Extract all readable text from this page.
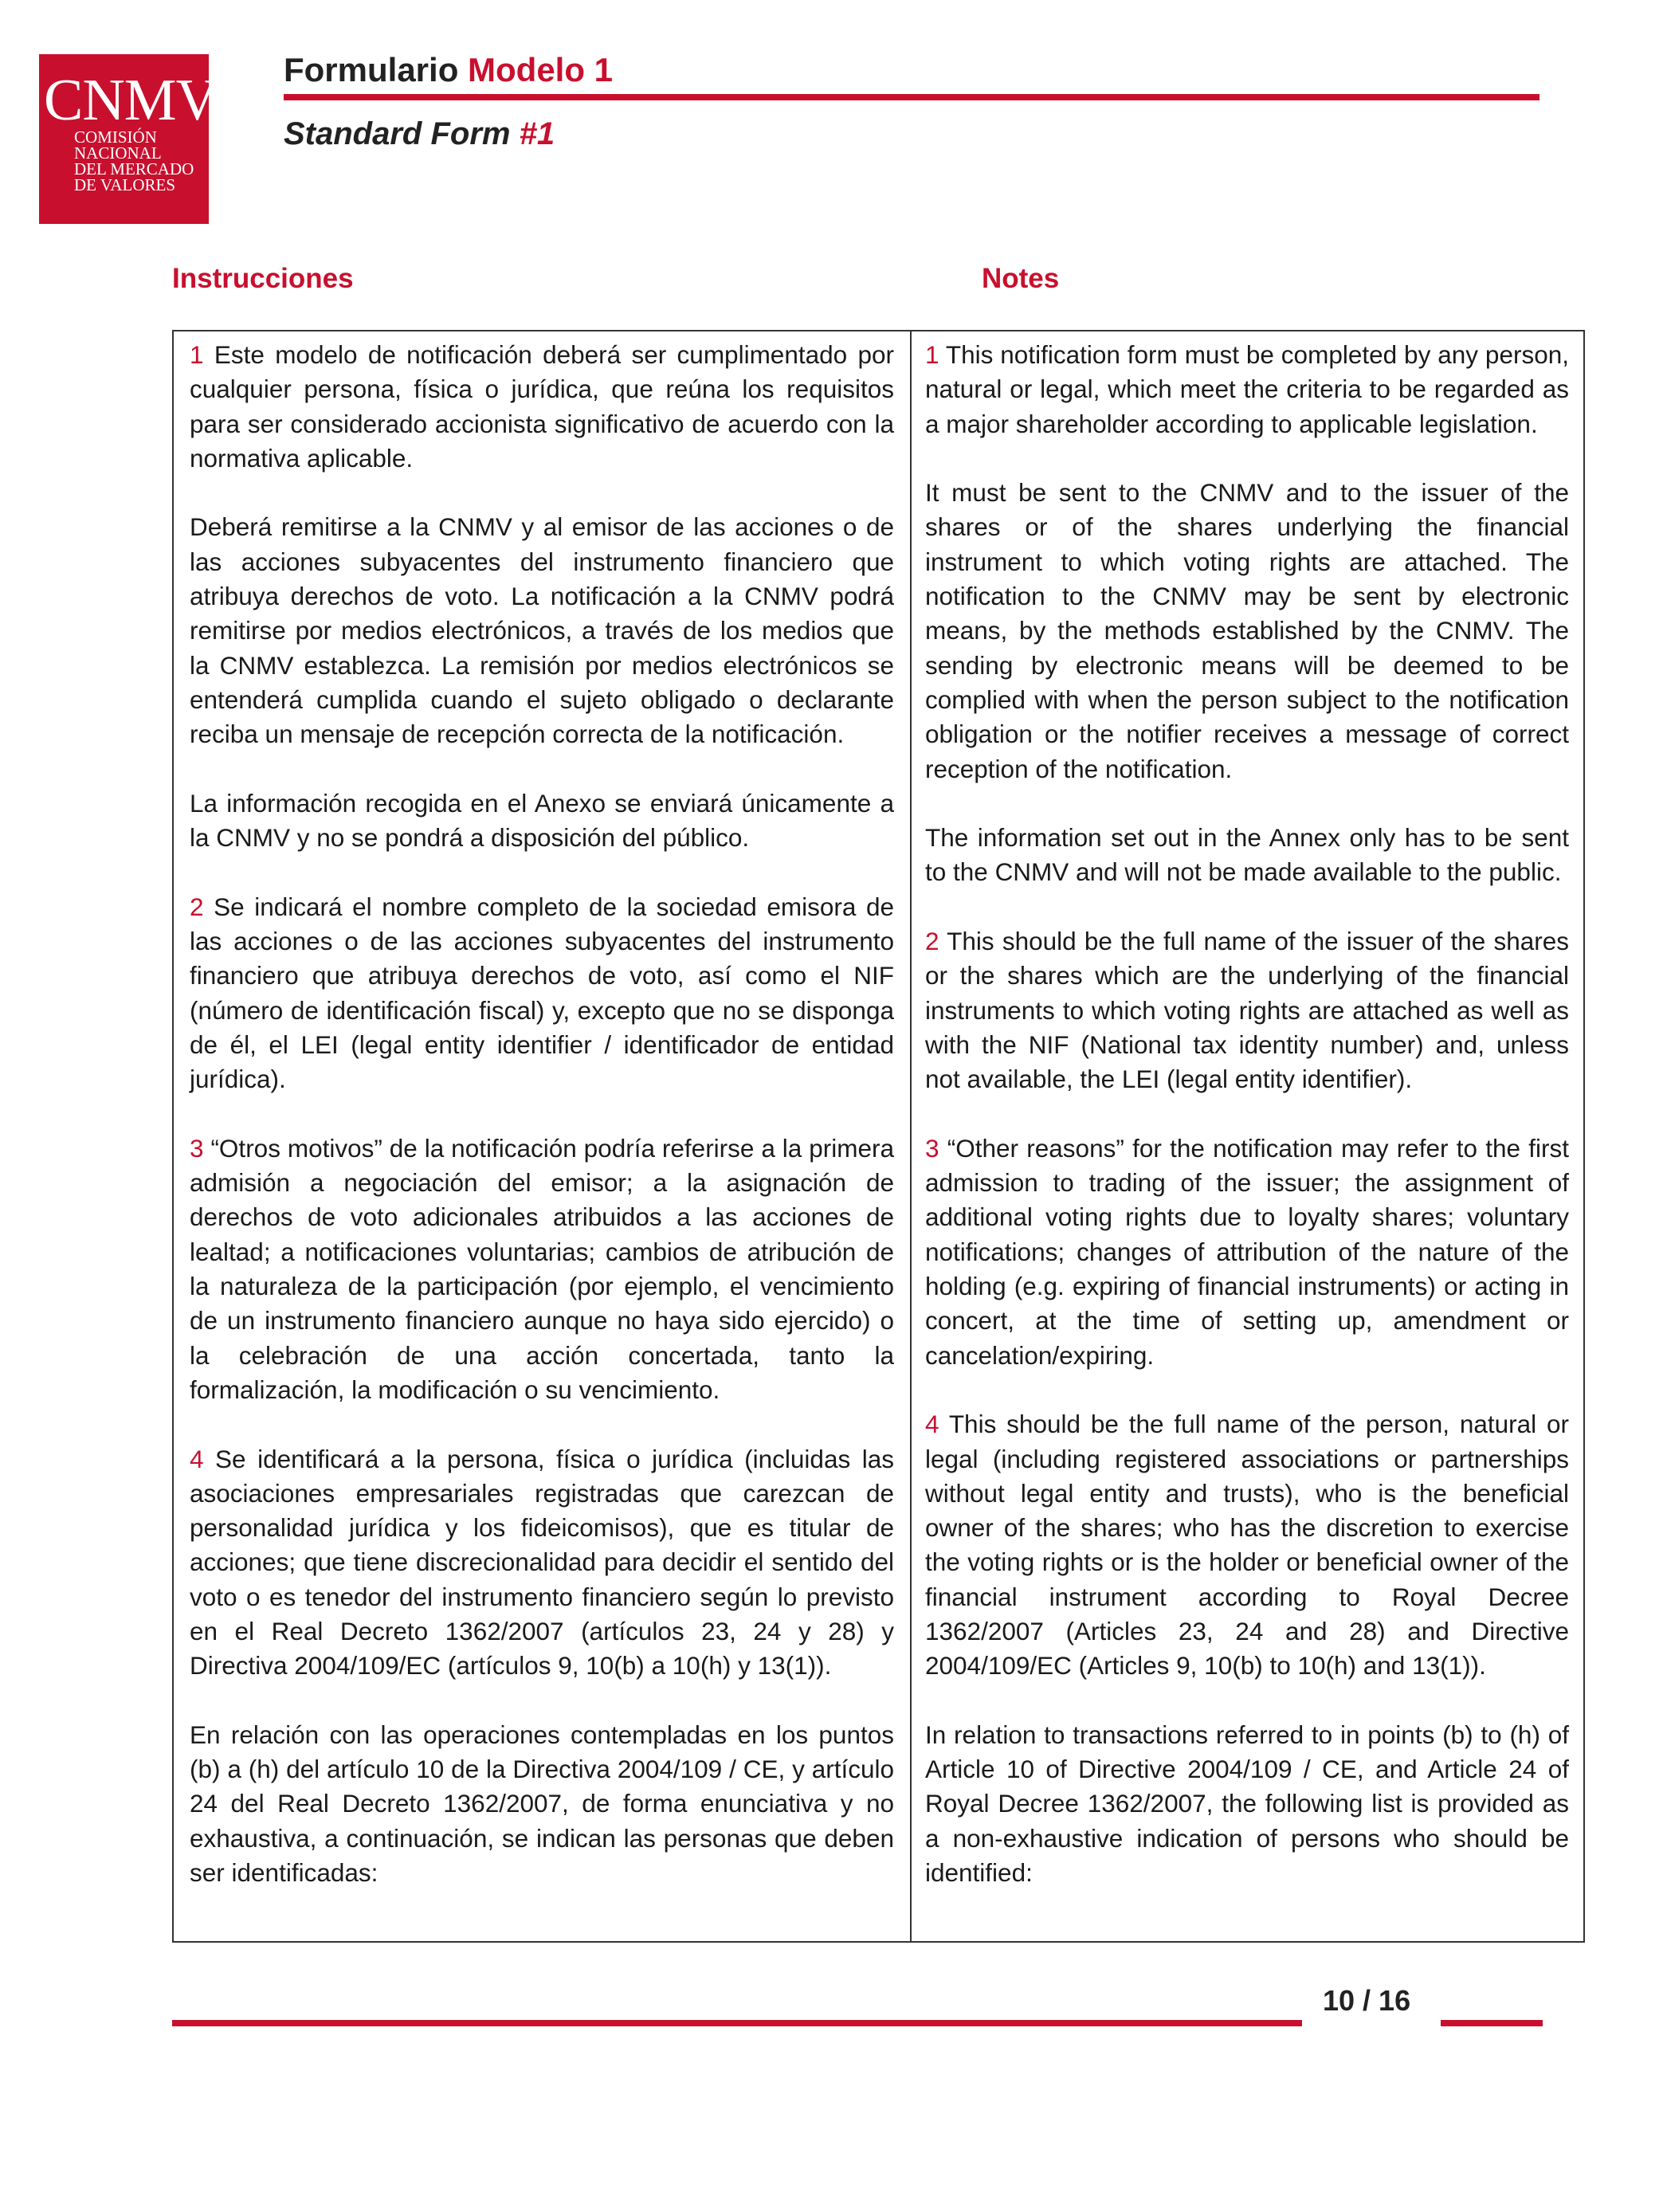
CNMV
COMISIÓN
NACIONAL
DEL MERCADO
DE VALORES
Formulario Modelo 1
Standard Form #1
Instrucciones	Notes

1 Este modelo de notificación deberá ser cumplimentado por cualquier persona, física o jurídica, que reúna los requisitos para ser considerado accionista significativo de acuerdo con la normativa aplicable.

Deberá remitirse a la CNMV y al emisor de las acciones o de las acciones subyacentes del instrumento financiero que atribuya derechos de voto. La notificación a la CNMV podrá remitirse por medios electrónicos, a través de los medios que la CNMV establezca. La remisión por medios electrónicos se entenderá cumplida cuando el sujeto obligado o declarante reciba un mensaje de recepción correcta de la notificación.

La información recogida en el Anexo se enviará únicamente a la CNMV y no se pondrá a disposición del público.

2 Se indicará el nombre completo de la sociedad emisora de las acciones o de las acciones subyacentes del instrumento financiero que atribuya derechos de voto, así como el NIF (número de identificación fiscal) y, excepto que no se disponga de él, el LEI (legal entity identifier / identificador de entidad jurídica).

3 “Otros motivos” de la notificación podría referirse a la primera admisión a negociación del emisor; a la asignación de derechos de voto adicionales atribuidos a las acciones de lealtad; a notificaciones voluntarias; cambios de atribución de la naturaleza de la participación (por ejemplo, el vencimiento de un instrumento financiero aunque no haya sido ejercido) o la celebración de una acción concertada, tanto la formalización, la modificación o su vencimiento.

4 Se identificará a la persona, física o jurídica (incluidas las asociaciones empresariales registradas que carezcan de personalidad jurídica y los fideicomisos), que es titular de acciones; que tiene discrecionalidad para decidir el sentido del voto o es tenedor del instrumento financiero según lo previsto en el Real Decreto 1362/2007 (artículos 23, 24 y 28) y Directiva 2004/109/EC (artículos 9, 10(b) a 10(h) y 13(1)).

En relación con las operaciones contempladas en los puntos (b) a (h) del artículo 10 de la Directiva 2004/109 / CE, y artículo 24 del Real Decreto 1362/2007, de forma enunciativa y no exhaustiva, a continuación, se indican las personas que deben ser identificadas:

1 This notification form must be completed by any person, natural or legal, which meet the criteria to be regarded as a major shareholder according to applicable legislation.

It must be sent to the CNMV and to the issuer of the shares or of the shares underlying the financial instrument to which voting rights are attached. The notification to the CNMV may be sent by electronic means, by the methods established by the CNMV. The sending by electronic means will be deemed to be complied with when the person subject to the notification obligation or the notifier receives a message of correct reception of the notification.

The information set out in the Annex only has to be sent to the CNMV and will not be made available to the public.

2 This should be the full name of the issuer of the shares or the shares which are the underlying of the financial instruments to which voting rights are attached as well as with the NIF (National tax identity number) and, unless not available, the LEI (legal entity identifier).

3 “Other reasons” for the notification may refer to the first admission to trading of the issuer; the assignment of additional voting rights due to loyalty shares; voluntary notifications; changes of attribution of the nature of the holding (e.g. expiring of financial instruments) or acting in concert, at the time of setting up, amendment or cancelation/expiring.

4 This should be the full name of the person, natural or legal (including registered associations or partnerships without legal entity and trusts), who is the beneficial owner of the shares; who has the discretion to exercise the voting rights or is the holder or beneficial owner of the financial instrument according to Royal Decree 1362/2007 (Articles 23, 24 and 28) and Directive 2004/109/EC (Articles 9, 10(b) to 10(h) and 13(1)).

In relation to transactions referred to in points (b) to (h) of Article 10 of Directive 2004/109 / CE, and Article 24 of Royal Decree 1362/2007, the following list is provided as a non-exhaustive indication of persons who should be identified:

10 / 16
